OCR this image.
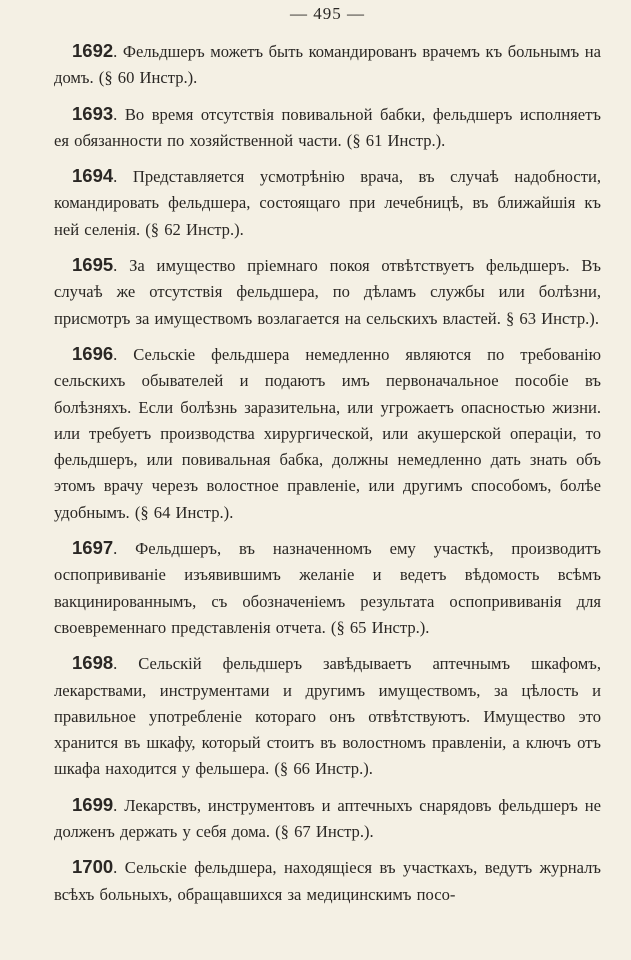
— 495 —

1692. Фельдшеръ можетъ быть командированъ врачемъ къ больнымъ на домъ. (§ 60 Инстр.).

1693. Во время отсутствія повивальной бабки, фельдшеръ исполняетъ ея обязанности по хозяйственной части. (§ 61 Инстр.).

1694. Представляется усмотрѣнію врача, въ случаѣ надобности, командировать фельдшера, состоящаго при лечебницѣ, въ ближайшія къ ней селенія. (§ 62 Инстр.).

1695. За имущество пріемнаго покоя отвѣтствуетъ фельдшеръ. Въ случаѣ же отсутствія фельдшера, по дѣламъ службы или болѣзни, присмотръ за имуществомъ возлагается на сельскихъ властей. § 63 Инстр.).

1696. Сельскіе фельдшера немедленно являются по требованію сельскихъ обывателей и подаютъ имъ первоначальное пособіе въ болѣзняхъ. Если болѣзнь заразительна, или угрожаетъ опасностью жизни. или требуетъ производства хирургической, или акушерской операціи, то фельдшеръ, или повивальная бабка, должны немедленно дать знать объ этомъ врачу черезъ волостное правленіе, или другимъ способомъ, болѣе удобнымъ. (§ 64 Инстр.).

1697. Фельдшеръ, въ назначенномъ ему участкѣ, производитъ оспопрививаніе изъявившимъ желаніе и ведетъ вѣдомость всѣмъ вакцинированнымъ, съ обозначеніемъ результата оспопрививанія для своевременнаго представленія отчета. (§ 65 Инстр.).

1698. Сельскій фельдшеръ завѣдываетъ аптечнымъ шкафомъ, лекарствами, инструментами и другимъ имуществомъ, за цѣлость и правильное употребленіе котораго онъ отвѣтствуютъ. Имущество это хранится въ шкафу, который стоитъ въ волостномъ правленіи, а ключъ отъ шкафа находится у фельшера. (§ 66 Инстр.).

1699. Лекарствъ, инструментовъ и аптечныхъ снарядовъ фельдшеръ не долженъ держать у себя дома. (§ 67 Инстр.).

1700. Сельскіе фельдшера, находящіеся въ участкахъ, ведутъ журналъ всѣхъ больныхъ, обращавшихся за медицинскимъ посо-
